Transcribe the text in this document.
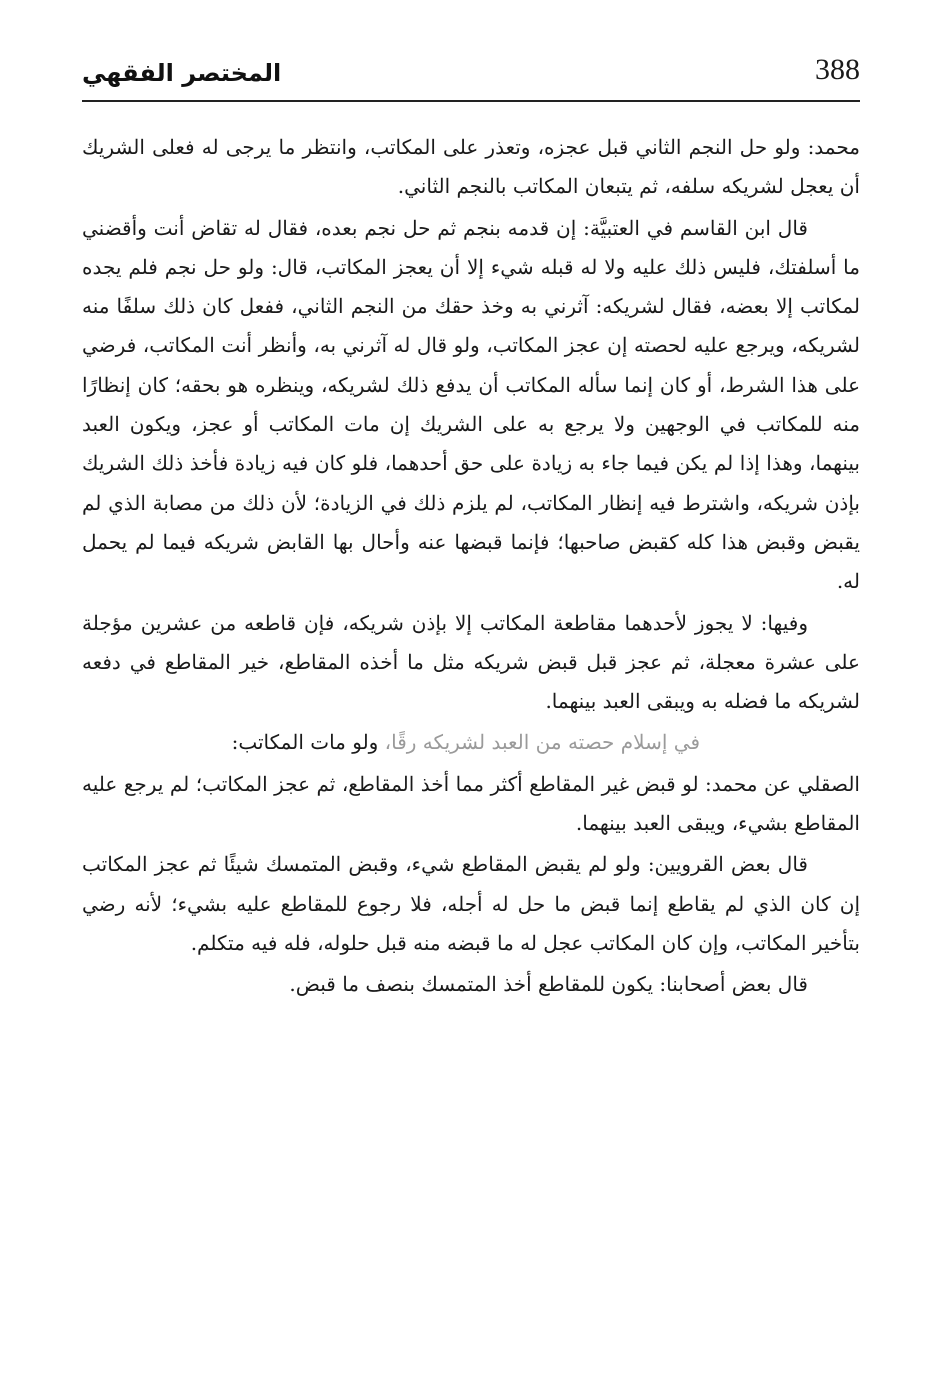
388
المختصر الفقهي

محمد: ولو حل النجم الثاني قبل عجزه، وتعذر على المكاتب، وانتظر ما يرجى له فعلى الشريك أن يعجل لشريكه سلفه، ثم يتبعان المكاتب بالنجم الثاني.

قال ابن القاسم في العتبيَّة: إن قدمه بنجم ثم حل نجم بعده، فقال له تقاض أنت وأقضني ما أسلفتك، فليس ذلك عليه ولا له قبله شيء إلا أن يعجز المكاتب، قال: ولو حل نجم فلم يجده لمكاتب إلا بعضه، فقال لشريكه: آثرني به وخذ حقك من النجم الثاني، ففعل كان ذلك سلفًا منه لشريكه، ويرجع عليه لحصته إن عجز المكاتب، ولو قال له آثرني به، وأنظر أنت المكاتب، فرضي على هذا الشرط، أو كان إنما سأله المكاتب أن يدفع ذلك لشريكه، وينظره هو بحقه؛ كان إنظارًا منه للمكاتب في الوجهين ولا يرجع به على الشريك إن مات المكاتب أو عجز، ويكون العبد بينهما، وهذا إذا لم يكن فيما جاء به زيادة على حق أحدهما، فلو كان فيه زيادة فأخذ ذلك الشريك بإذن شريكه، واشترط فيه إنظار المكاتب، لم يلزم ذلك في الزيادة؛ لأن ذلك من مصابة الذي لم يقبض وقبض هذا كله كقبض صاحبها؛ فإنما قبضها عنه وأحال بها القابض شريكه فيما لم يحمل له.

وفيها: لا يجوز لأحدهما مقاطعة المكاتب إلا بإذن شريكه، فإن قاطعه من عشرين مؤجلة على عشرة معجلة، ثم عجز قبل قبض شريكه مثل ما أخذه المقاطع، خير المقاطع في دفعه لشريكه ما فضله به ويبقى العبد بينهما.

في إسلام حصته من العبد لشريكه رقًا، ولو مات المكاتب:

الصقلي عن محمد: لو قبض غير المقاطع أكثر مما أخذ المقاطع، ثم عجز المكاتب؛ لم يرجع عليه المقاطع بشيء، ويبقى العبد بينهما.

قال بعض القرويين: ولو لم يقبض المقاطع شيء، وقبض المتمسك شيئًا ثم عجز المكاتب إن كان الذي لم يقاطع إنما قبض ما حل له أجله، فلا رجوع للمقاطع عليه بشيء؛ لأنه رضي بتأخير المكاتب، وإن كان المكاتب عجل له ما قبضه منه قبل حلوله، فله فيه متكلم.

قال بعض أصحابنا: يكون للمقاطع أخذ المتمسك بنصف ما قبض.
